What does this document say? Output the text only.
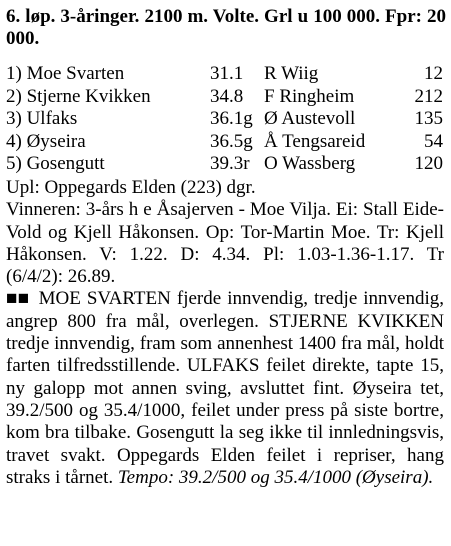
6. løp. 3-åringer. 2100 m. Volte. Grl u 100 000. Fpr: 20 000.
1) Moe Svarten	31.1 R Wiig	12
2) Stjerne Kvikken	34.8 F Ringheim	212
3) Ulfaks	36.1g Ø Austevoll	135
4) Øyseira	36.5g Å Tengsareid	54
5) Gosengutt	39.3r O Wassberg	120

Upl: Oppegards Elden (223) dgr.

Vinneren: 3-års h e Åsajerven - Moe Vilja. Ei: Stall Eide-Vold og Kjell Håkonsen. Op: Tor-Martin Moe. Tr: Kjell Håkonsen. V: 1.22. D: 4.34. Pl: 1.03-1.36-1.17. Tr (6/4/2): 26.89.

■■ MOE SVARTEN fjerde innvendig, tredje innvendig, angrep 800 fra mål, overlegen. STJERNE KVIKKEN tredje innvendig, fram som annenhest 1400 fra mål, holdt farten tilfredsstillende. ULFAKS feilet direkte, tapte 15, ny galopp mot annen sving, avsluttet fint. Øyseira tet, 39.2/500 og 35.4/1000, feilet under press på siste bortre, kom bra tilbake. Gosengutt la seg ikke til innledningsvis, travet svakt. Oppegards Elden feilet i repriser, hang straks i tårnet. Tempo: 39.2/500 og 35.4/1000 (Øyseira).
